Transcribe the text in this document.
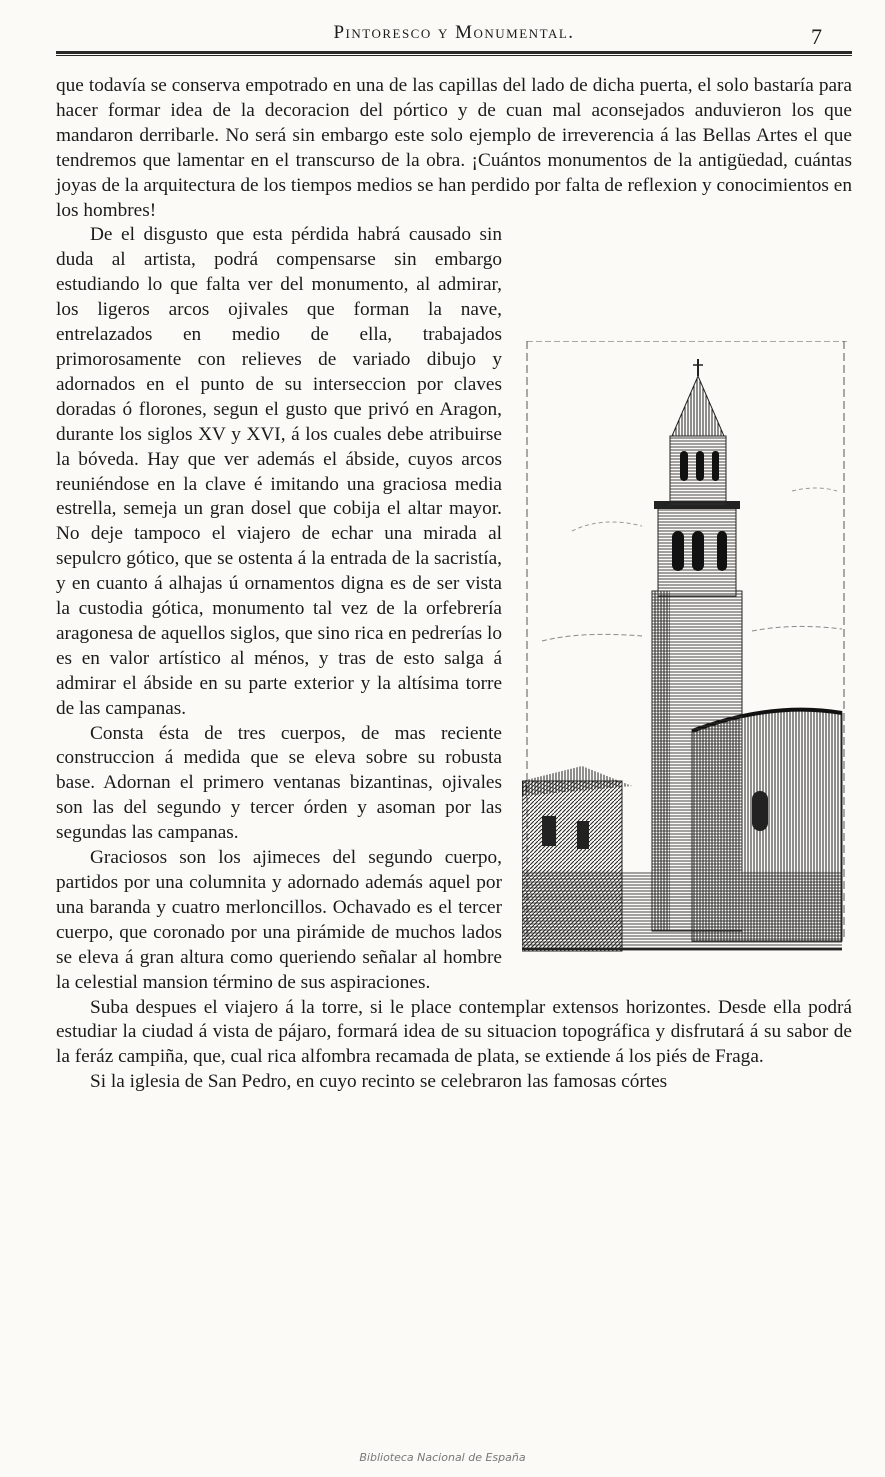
Pintoresco y Monumental.	7

que todavía se conserva empotrado en una de las capillas del lado de dicha puerta, el solo bastaría para hacer formar idea de la decoracion del pórtico y de cuan mal aconsejados anduvieron los que mandaron derribarle. No será sin embargo este solo ejemplo de irreverencia á las Bellas Artes el que tendremos que lamentar en el transcurso de la obra. ¡Cuántos monumentos de la antigüedad, cuántas joyas de la arquitectura de los tiempos medios se han perdido por falta de reflexion y conocimientos en los hombres!

De el disgusto que esta pérdida habrá causado sin duda al artista, podrá compensarse sin embargo estudiando lo que falta ver del monumento, al admirar, los ligeros arcos ojivales que forman la nave, entrelazados en medio de ella, trabajados primorosamente con relieves de variado dibujo y adornados en el punto de su interseccion por claves doradas ó florones, segun el gusto que privó en Aragon, durante los siglos XV y XVI, á los cuales debe atribuirse la bóveda. Hay que ver además el ábside, cuyos arcos reuniéndose en la clave é imitando una graciosa media estrella, semeja un gran dosel que cobija el altar mayor. No deje tampoco el viajero de echar una mirada al sepulcro gótico, que se ostenta á la entrada de la sacristía, y en cuanto á alhajas ú ornamentos digna es de ser vista la custodia gótica, monumento tal vez de la orfebrería aragonesa de aquellos siglos, que sino rica en pedrerías lo es en valor artístico al ménos, y tras de esto salga á admirar el ábside en su parte exterior y la altísima torre de las campanas.

Consta ésta de tres cuerpos, de mas reciente construccion á medida que se eleva sobre su robusta base. Adornan el primero ventanas bizantinas, ojivales son las del segundo y tercer órden y asoman por las segundas las campanas.

Graciosos son los ajimeces del segundo cuerpo, partidos por una columnita y adornado además aquel por una baranda y cuatro merloncillos. Ochavado es el tercer cuerpo, que coronado por una pirámide de muchos lados se eleva á gran altura como queriendo señalar al hombre la celestial mansion término de sus aspiraciones.

Suba despues el viajero á la torre, si le place contemplar extensos horizontes. Desde ella podrá estudiar la ciudad á vista de pájaro, formará idea de su situacion topográfica y disfrutará á su sabor de la feráz campiña, que, cual rica alfombra recamada de plata, se extiende á los piés de Fraga.

Si la iglesia de San Pedro, en cuyo recinto se celebraron las famosas córtes

Biblioteca Nacional de España
